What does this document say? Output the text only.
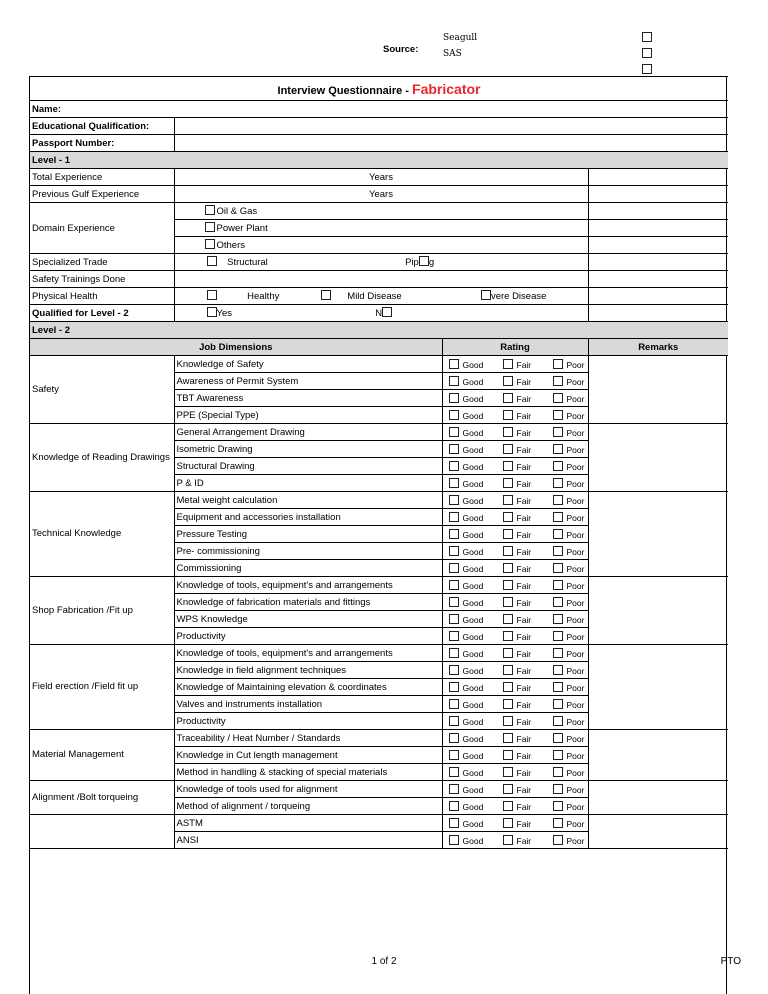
Source:
Seagull
SAS
Interview Questionnaire - Fabricator			
Name:			
Educational Qualification:			
Passport Number:			
Level - 1			
Total Experience	Years		
Previous Gulf Experience	Years		
Domain Experience	Oil & Gas		
	Power Plant		
	Others		
Specialized Trade	Structural Pip g		
Safety Trainings Done			
Physical Health	Healthy Mild Disease vere Disease		
Qualified for Level - 2	Yes N		
Level - 2			
Job Dimensions		Rating	Remarks
Safety	Knowledge of Safety	Good Fair Poor	
	Awareness of Permit System	Good Fair Poor	
	TBT Awareness	Good Fair Poor	
	PPE (Special Type)	Good Fair Poor	
Knowledge of Reading Drawings	General Arrangement Drawing	Good Fair Poor	
	Isometric Drawing	Good Fair Poor	
	Structural Drawing	Good Fair Poor	
	P & ID	Good Fair Poor	
Technical Knowledge	Metal weight calculation	Good Fair Poor	
	Equipment and accessories installation	Good Fair Poor	
	Pressure Testing	Good Fair Poor	
	Pre- commissioning	Good Fair Poor	
	Commissioning	Good Fair Poor	
Shop Fabrication /Fit up	Knowledge of tools, equipment's and arrangements	Good Fair Poor	
	Knowledge of fabrication materials and fittings	Good Fair Poor	
	WPS Knowledge	Good Fair Poor	
	Productivity	Good Fair Poor	
Field erection /Field fit up	Knowledge of tools, equipment's and arrangements	Good Fair Poor	
	Knowledge in field alignment techniques	Good Fair Poor	
	Knowledge of Maintaining elevation & coordinates	Good Fair Poor	
	Valves and instruments installation	Good Fair Poor	
	Productivity	Good Fair Poor	
Material Management	Traceability / Heat Number / Standards	Good Fair Poor	
	Knowledge in Cut length management	Good Fair Poor	
	Method in handling & stacking of special materials	Good Fair Poor	
Alignment /Bolt torqueing	Knowledge of tools used for alignment	Good Fair Poor	
	Method of alignment / torqueing	Good Fair Poor	
	ASTM	Good Fair Poor	
	ANSI	Good Fair Poor	
1 of 2	PTO
